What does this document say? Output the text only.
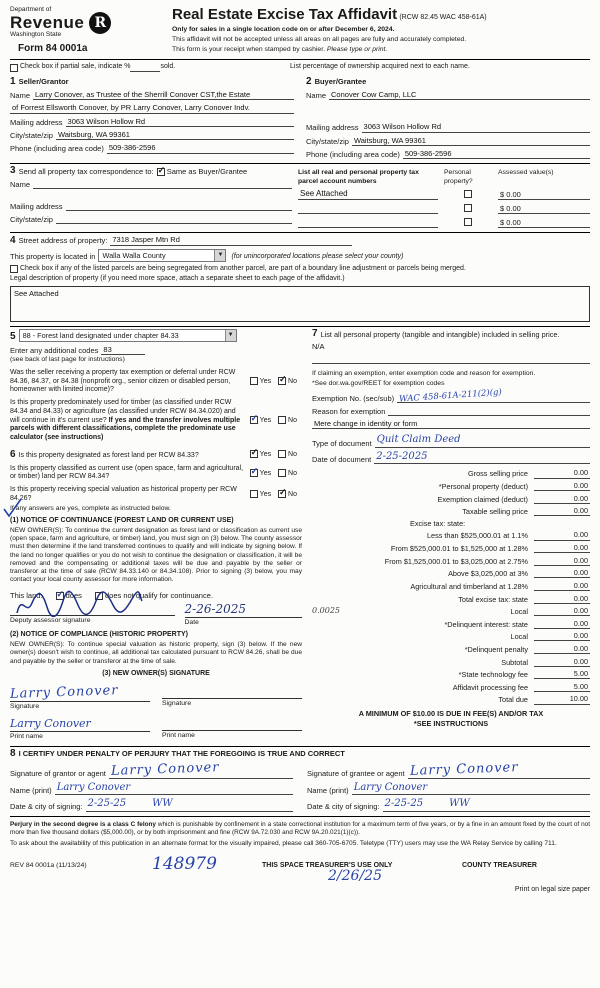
Department of
Revenue
Washington State
R
Form 84 0001a
Real Estate Excise Tax Affidavit (RCW 82.45 WAC 458-61A)
Only for sales in a single location code on or after December 6, 2024.
This affidavit will not be accepted unless all areas on all pages are fully and accurately completed.
This form is your receipt when stamped by cashier. Please type or print.

Check box if partial sale, indicate %	sold.	List percentage of ownership acquired next to each name.
1 Seller/Grantor
Name Larry Conover, as Trustee of the Sherrill Conover CST,the Estate
of Forrest Ellsworth Conover, by PR Larry Conover, Larry Conover Indv.
Mailing address 3063 Wilson Hollow Rd
City/state/zip Waitsburg, WA 99361
Phone (including area code) 509-386-2596
2 Buyer/Grantee
Name Conover Cow Camp, LLC
Mailing address 3063 Wilson Hollow Rd
City/state/zip Waitsburg, WA 99361
Phone (including area code) 509-386-2596
3 Send all property tax correspondence to: ✓
Same as Buyer/Grantee
Name
Mailing address
City/state/zip
List all real and personal property tax parcel account numbers
Personal property?
Assessed value(s)
See Attached	$ 0.00
$ 0.00
$ 0.00
4 Street address of property: 7318 Jasper Mtn Rd
This property is located in Walla Walla County	▼ (for unincorporated locations please select your county)

Check box if any of the listed parcels are being segregated from another parcel, are part of a boundary line adjustment or parcels being merged.
Legal description of property (if you need more space, attach a separate sheet to each page of the affidavit.)
See Attached
5 88 - Forest land designated under chapter 84.33	▼
Enter any additional codes 83
(see back of last page for instructions)
Was the seller receiving a property tax exemption or deferral under RCW 84.36, 84.37, or 84.38 (nonprofit org., senior citizen or disabled person, homeowner with limited income)?
Yes ✓No
Is this property predominately used for timber (as classified under RCW 84.34 and 84.33) or agriculture (as classified under RCW 84.34.020) and will continue in it's current use? If yes and the transfer involves multiple parcels with different classifications, complete the predominate use calculator (see instructions)
✓Yes No
6 Is this property designated as forest land per RCW 84.33?	✓Yes No
Is this property classified as current use (open space, farm and agricultural, or timber) land per RCW 84.34?
✓Yes No
Is this property receiving special valuation as historical property per RCW 84.26?
Yes ✓No
If any answers are yes, complete as instructed below.
(1) NOTICE OF CONTINUANCE (FOREST LAND OR CURRENT USE)
NEW OWNER(S): To continue the current designation as forest land or classification as current use (open space, farm and agriculture, or timber) land, you must sign on (3) below. The county assessor must then determine if the land transferred continues to qualify and will indicate by signing below. If the land no longer qualifies or you do not wish to continue the designation or classification, it will be removed and the compensating or additional taxes will be due and payable by the seller or transferor at the time of sale (RCW 84.33.140 or 84.34.108). Prior to signing (3) below, you may contact your local county assessor for more information.
This land: ✓ does	does not qualify for continuance.
Deputy assessor signature
2-26-2025
Date
(2) NOTICE OF COMPLIANCE (HISTORIC PROPERTY)
NEW OWNER(S): To continue special valuation as historic property, sign (3) below. If the new owner(s) doesn't wish to continue, all additional tax calculated pursuant to RCW 84.26, shall be due and payable by the seller or transferor at the time of sale.
(3) NEW OWNER(S) SIGNATURE
Larry Conover
Signature	Signature
Larry Conover
Print name	Print name
7 List all personal property (tangible and intangible) included in selling price.
N/A
If claiming an exemption, enter exemption code and reason for exemption.
*See dor.wa.gov/REET for exemption codes
Exemption No. (sec/sub) WAC 458-61A-211(2)(g)
Reason for exemption
Mere change in identity or form
Type of document Quit Claim Deed
Date of document 2-25-2025
Gross selling price	0.00
*Personal property (deduct)	0.00
Exemption claimed (deduct)	0.00
Taxable selling price	0.00
Excise tax: state:
Less than $525,000.01 at 1.1%	0.00
From $525,000.01 to $1,525,000 at 1.28%	0.00
From $1,525,000.01 to $3,025,000 at 2.75%	0.00
Above $3,025,000 at 3%	0.00
Agricultural and timberland at 1.28%	0.00
Total excise tax: state	0.00
0.0025	Local	0.00
*Delinquent interest: state	0.00
Local	0.00
*Delinquent penalty	0.00
Subtotal	0.00
*State technology fee	5.00
Affidavit processing fee	5.00
Total due	10.00
A MINIMUM OF $10.00 IS DUE IN FEE(S) AND/OR TAX
*SEE INSTRUCTIONS
8 I CERTIFY UNDER PENALTY OF PERJURY THAT THE FOREGOING IS TRUE AND CORRECT
Signature of grantor or agent Larry Conover
Name (print) Larry Conover
Date & city of signing: 2-25-25	WW
Signature of grantee or agent Larry Conover
Name (print) Larry Conover
Date & city of signing: 2-25-25	WW
Perjury in the second degree is a class C felony which is punishable by confinement in a state correctional institution for a maximum term of five years, or by a fine in an amount fixed by the court of not more than five thousand dollars ($5,000.00), or by both imprisonment and fine (RCW 9A.72.030 and RCW 9A.20.021(1)(c)).
To ask about the availability of this publication in an alternate format for the visually impaired, please call 360-705-6705. Teletype (TTY) users may use the WA Relay Service by calling 711.
REV 84 0001a (11/13/24)	148979	THIS SPACE TREASURER'S USE ONLY
2/26/25
COUNTY TREASURER
Print on legal size paper
